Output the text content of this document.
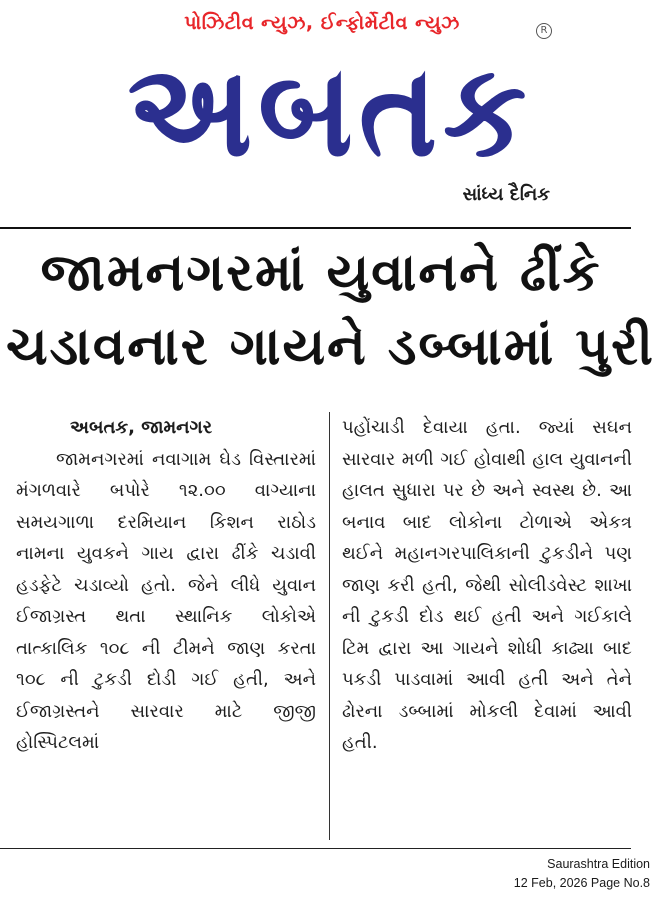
પોઝિટીવ ન્યુઝ, ઈન્ફોર્મેટીવ ન્યુઝ	R
અબતક
સાંધ્ય દૈનિક
જામનગરમાં યુવાનને ઢીંકે
ચડાવનાર ગાયને ડબ્બામાં પુરી
અબતક, જામનગર
જામનગરમાં નવાગામ ઘેડ વિસ્તારમાં મંગળવારે બપોરે ૧૨.૦૦ વાગ્યાના સમયગાળા દરમિયાન કિશન રાઠોડ નામના યુવકને ગાય દ્વારા ઢીંકે ચડાવી હડફેટે ચડાવ્યો હતો. જેને લીધે યુવાન ઈજાગ્રસ્ત થતા સ્થાનિક લોકોએ તાત્કાલિક ૧૦૮ ની ટીમને જાણ કરતા ૧૦૮ ની ટુકડી દોડી ગઈ હતી, અને ઈજાગ્રસ્તને સારવાર માટે જીજી હોસ્પિટલમાં
પહોંચાડી દેવાયા હતા. જ્યાં સઘન સારવાર મળી ગઈ હોવાથી હાલ યુવાનની હાલત સુધારા પર છે અને સ્વસ્થ છે. આ બનાવ બાદ લોકોના ટોળાએ એકત્ર થઈને મહાનગરપાલિકાની ટુકડીને પણ જાણ કરી હતી, જેથી સોલીડવેસ્ટ શાખા ની ટુકડી દોડ થઈ હતી અને ગઈકાલે ટિમ દ્વારા આ ગાયને શોધી કાઢ્યા બાદ પકડી પાડવામાં આવી હતી અને તેને ઢોરના ડબ્બામાં મોકલી દેવામાં આવી હતી.
Saurashtra Edition
12 Feb, 2026 Page No.8
